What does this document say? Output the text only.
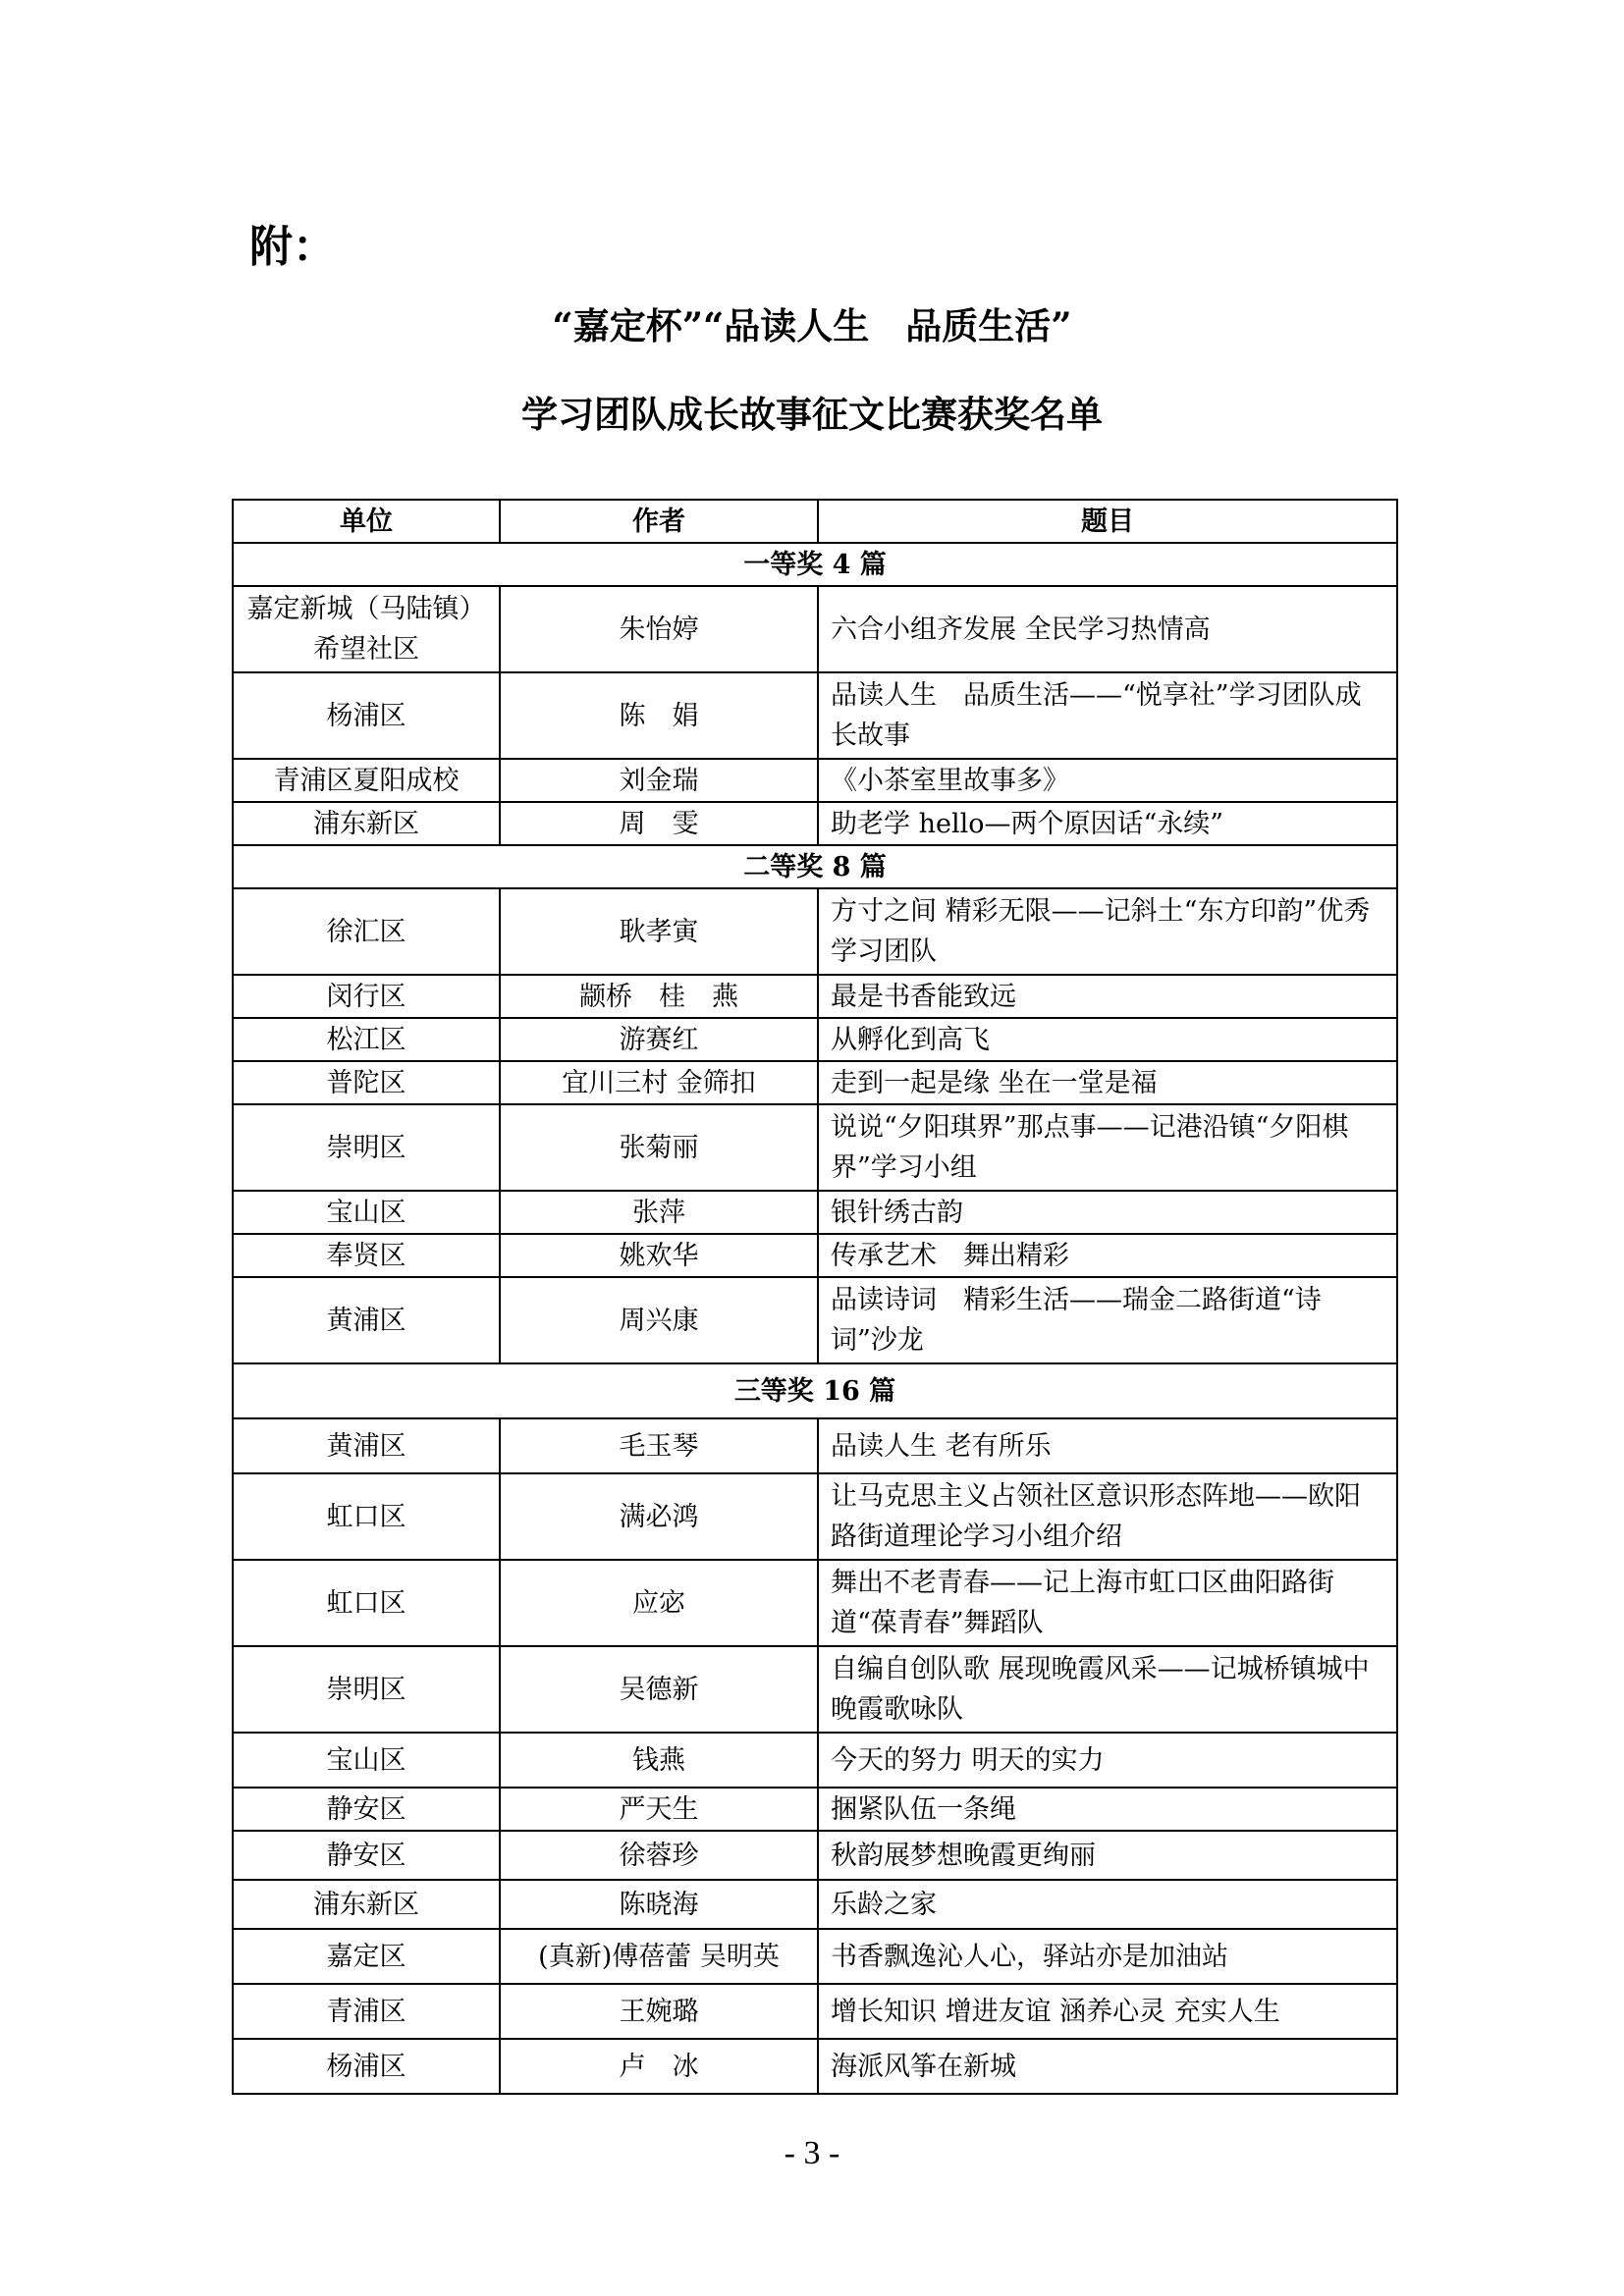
附：
“嘉定杯”“品读人生　品质生活”
学习团队成长故事征文比赛获奖名单
单位	作者	题目
一等奖 4 篇		
嘉定新城（马陆镇）希望社区	朱怡婷	六合小组齐发展 全民学习热情高
杨浦区	陈　娟	品读人生　品质生活——“悦享社”学习团队成长故事
青浦区夏阳成校	刘金瑞	《小茶室里故事多》
浦东新区	周　雯	助老学 hello—两个原因话“永续”
二等奖 8 篇		
徐汇区	耿孝寅	方寸之间 精彩无限——记斜土“东方印韵”优秀学习团队
闵行区	颛桥　桂　燕	最是书香能致远
松江区	游赛红	从孵化到高飞
普陀区	宜川三村 金筛扣	走到一起是缘 坐在一堂是福
崇明区	张菊丽	说说“夕阳琪界”那点事——记港沿镇“夕阳棋界”学习小组
宝山区	张萍	银针绣古韵
奉贤区	姚欢华	传承艺术　舞出精彩
黄浦区	周兴康	品读诗词　精彩生活——瑞金二路街道“诗词”沙龙
三等奖 16 篇		
黄浦区	毛玉琴	品读人生 老有所乐
虹口区	满必鸿	让马克思主义占领社区意识形态阵地——欧阳路街道理论学习小组介绍
虹口区	应宓	舞出不老青春——记上海市虹口区曲阳路街道“葆青春”舞蹈队
崇明区	吴德新	自编自创队歌 展现晚霞风采——记城桥镇城中晚霞歌咏队
宝山区	钱燕	今天的努力 明天的实力
静安区	严天生	捆紧队伍一条绳
静安区	徐蓉珍	秋韵展梦想晚霞更绚丽
浦东新区	陈晓海	乐龄之家
嘉定区	(真新)傅蓓蕾 吴明英	书香飘逸沁人心，驿站亦是加油站
青浦区	王婉璐	增长知识 增进友谊 涵养心灵 充实人生
杨浦区	卢　冰	海派风筝在新城
- 3 -
